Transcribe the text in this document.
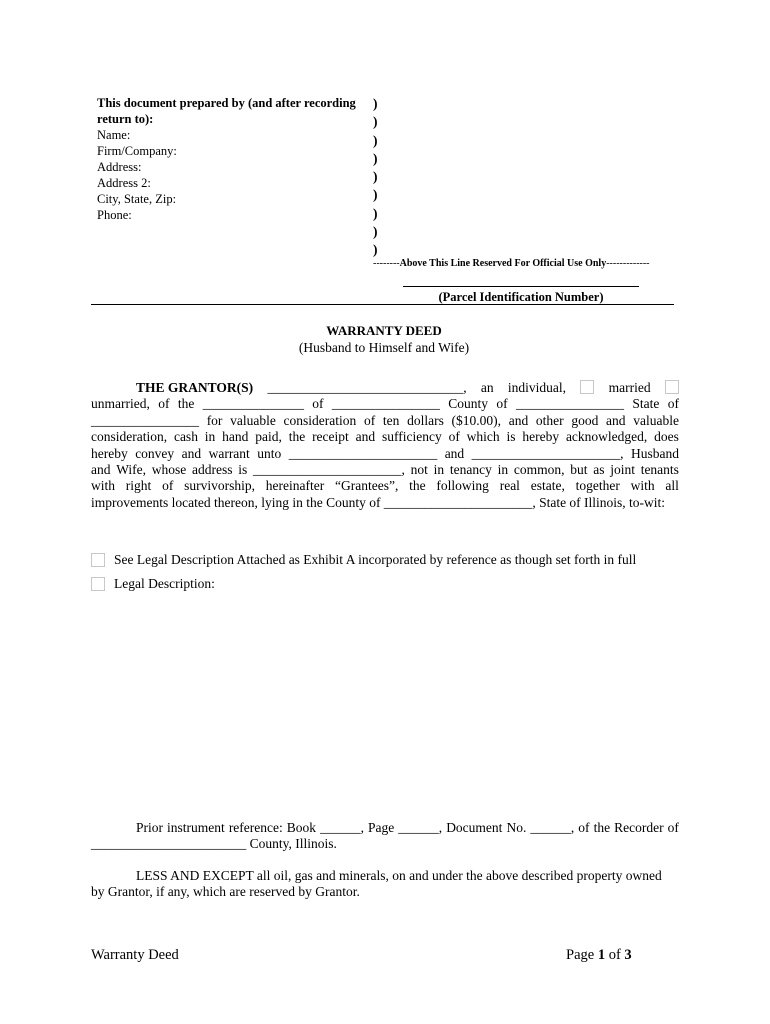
This document prepared by (and after recording
return to):
Name:
Firm/Company:
Address:
Address 2:
City, State, Zip:
Phone:
)
)
)
)
)
)
)
)
)
--------Above This Line Reserved For Official Use Only-------------
(Parcel Identification Number)
WARRANTY DEED
(Husband to Himself and Wife)
THE GRANTOR(S) _____________________________, an individual,	married
unmarried, of the _______________ of ________________ County of ________________ State of
________________ for valuable consideration of ten dollars ($10.00), and other good and valuable
consideration, cash in hand paid, the receipt and sufficiency of which is hereby acknowledged, does
hereby convey and warrant unto ______________________ and ______________________, Husband
and Wife, whose address is ______________________, not in tenancy in common, but as joint tenants
with right of survivorship, hereinafter “Grantees”, the following real estate, together with all
improvements located thereon, lying in the County of ______________________, State of Illinois, to-wit:
See Legal Description Attached as Exhibit A incorporated by reference as though set forth in full
Legal Description:
Prior instrument reference: Book ______, Page ______, Document No. ______, of the Recorder of
_______________________ County, Illinois.
LESS AND EXCEPT all oil, gas and minerals, on and under the above described property owned
by Grantor, if any, which are reserved by Grantor.
Warranty Deed	Page 1 of 3
